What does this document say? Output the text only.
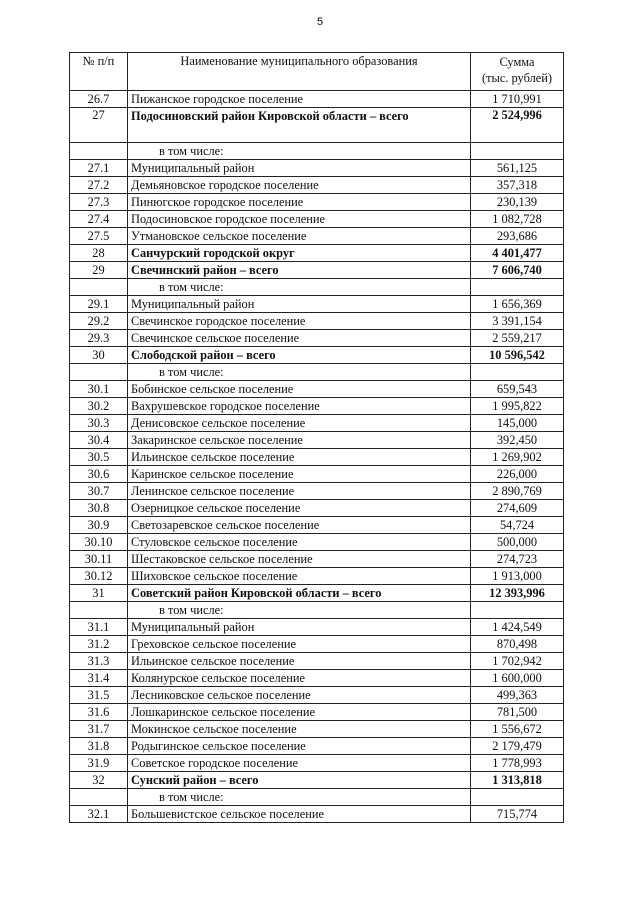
5
№ п/п	Наименование муниципального образования	Сумма
(тыс. рублей)
26.7	Пижанское городское поселение	1 710,991
27	Подосиновский район Кировской области – всего	2 524,996
	в том числе:	
27.1	Муниципальный район	561,125
27.2	Демьяновское городское поселение	357,318
27.3	Пинюгское городское поселение	230,139
27.4	Подосиновское городское поселение	1 082,728
27.5	Утмановское сельское поселение	293,686
28	Санчурский городской округ	4 401,477
29	Свечинский район – всего	7 606,740
	в том числе:	
29.1	Муниципальный район	1 656,369
29.2	Свечинское городское поселение	3 391,154
29.3	Свечинское сельское поселение	2 559,217
30	Слободской район – всего	10 596,542
	в том числе:	
30.1	Бобинское сельское поселение	659,543
30.2	Вахрушевское городское поселение	1 995,822
30.3	Денисовское сельское поселение	145,000
30.4	Закаринское сельское поселение	392,450
30.5	Ильинское сельское поселение	1 269,902
30.6	Каринское сельское поселение	226,000
30.7	Ленинское сельское поселение	2 890,769
30.8	Озерницкое сельское поселение	274,609
30.9	Светозаревское сельское поселение	54,724
30.10	Стуловское сельское поселение	500,000
30.11	Шестаковское сельское поселение	274,723
30.12	Шиховское сельское поселение	1 913,000
31	Советский район Кировской области – всего	12 393,996
	в том числе:	
31.1	Муниципальный район	1 424,549
31.2	Греховское сельское поселение	870,498
31.3	Ильинское сельское поселение	1 702,942
31.4	Колянурское сельское поселение	1 600,000
31.5	Лесниковское сельское поселение	499,363
31.6	Лошкаринское сельское поселение	781,500
31.7	Мокинское сельское поселение	1 556,672
31.8	Родыгинское сельское поселение	2 179,479
31.9	Советское городское поселение	1 778,993
32	Сунский район – всего	1 313,818
	в том числе:	
32.1	Большевистское сельское поселение	715,774
